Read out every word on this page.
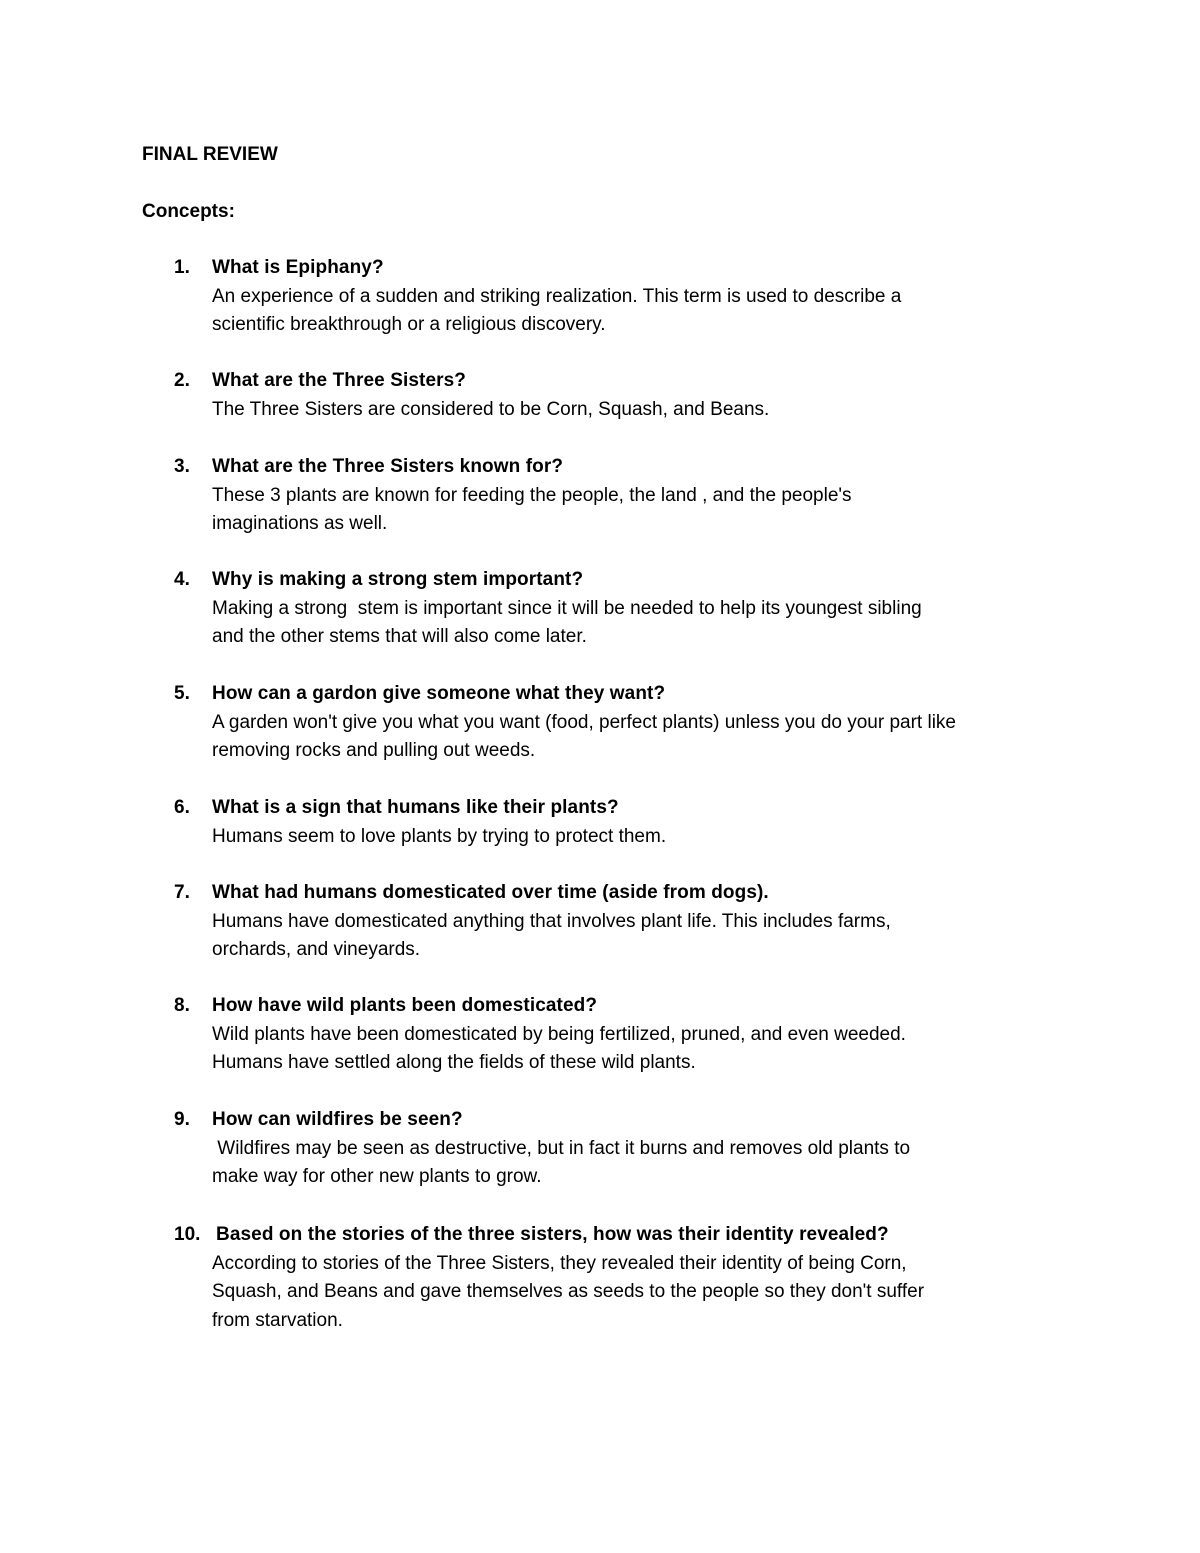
FINAL REVIEW
Concepts:
1. What is Epiphany?
An experience of a sudden and striking realization. This term is used to describe a
scientific breakthrough or a religious discovery.
2. What are the Three Sisters?
The Three Sisters are considered to be Corn, Squash, and Beans.
3. What are the Three Sisters known for?
These 3 plants are known for feeding the people, the land , and the people's
imaginations as well.
4. Why is making a strong stem important?
Making a strong  stem is important since it will be needed to help its youngest sibling
and the other stems that will also come later.
5. How can a gardon give someone what they want?
A garden won't give you what you want (food, perfect plants) unless you do your part like
removing rocks and pulling out weeds.
6. What is a sign that humans like their plants?
Humans seem to love plants by trying to protect them.
7. What had humans domesticated over time (aside from dogs).
Humans have domesticated anything that involves plant life. This includes farms,
orchards, and vineyards.
8. How have wild plants been domesticated?
Wild plants have been domesticated by being fertilized, pruned, and even weeded.
Humans have settled along the fields of these wild plants.
9. How can wildfires be seen?
Wildfires may be seen as destructive, but in fact it burns and removes old plants to
make way for other new plants to grow.
10. Based on the stories of the three sisters, how was their identity revealed?
According to stories of the Three Sisters, they revealed their identity of being Corn,
Squash, and Beans and gave themselves as seeds to the people so they don't suffer
from starvation.
